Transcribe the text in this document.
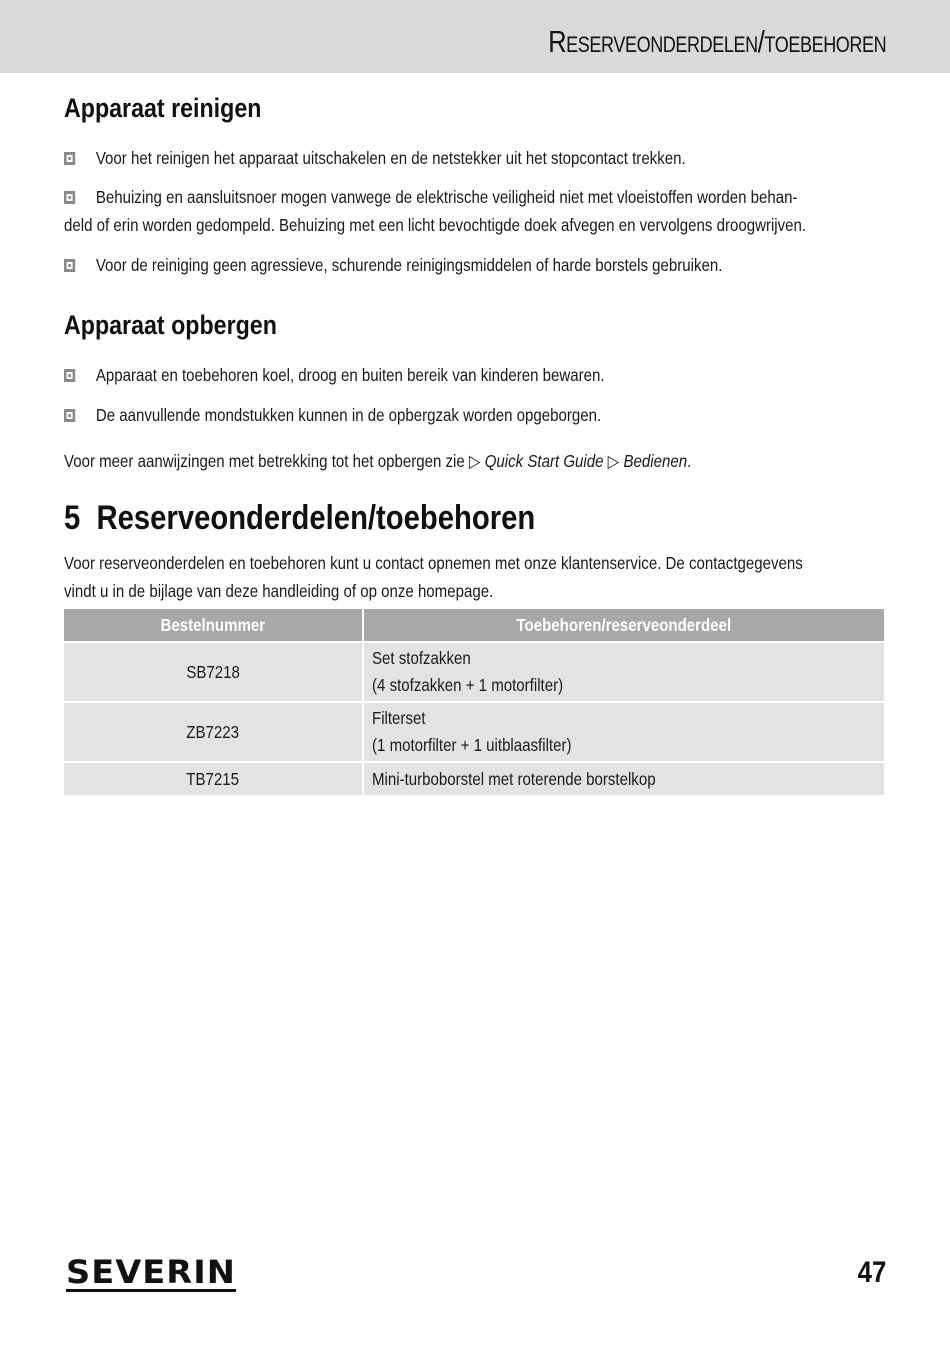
Reserveonderdelen/toebehoren
Apparaat reinigen
Voor het reinigen het apparaat uitschakelen en de netstekker uit het stopcontact trekken.
Behuizing en aansluitsnoer mogen vanwege de elektrische veiligheid niet met vloeistoffen worden behan-
deld of erin worden gedompeld. Behuizing met een licht bevochtigde doek afvegen en vervolgens droogwrijven.
Voor de reiniging geen agressieve, schurende reinigingsmiddelen of harde borstels gebruiken.
Apparaat opbergen
Apparaat en toebehoren koel, droog en buiten bereik van kinderen bewaren.
De aanvullende mondstukken kunnen in de opbergzak worden opgeborgen.
Voor meer aanwijzingen met betrekking tot het opbergen zie ▷ Quick Start Guide ▷ Bedienen.
5 Reserveonderdelen/toebehoren
Voor reserveonderdelen en toebehoren kunt u contact opnemen met onze klantenservice. De contactgegevens
vindt u in de bijlage van deze handleiding of op onze homepage.
Bestelnummer	Toebehoren/reserveonderdeel
SB7218	Set stofzakken
(4 stofzakken + 1 motorfilter)
ZB7223	Filterset
(1 motorfilter + 1 uitblaasfilter)
TB7215	Mini-turboborstel met roterende borstelkop
SEVERIN	47
